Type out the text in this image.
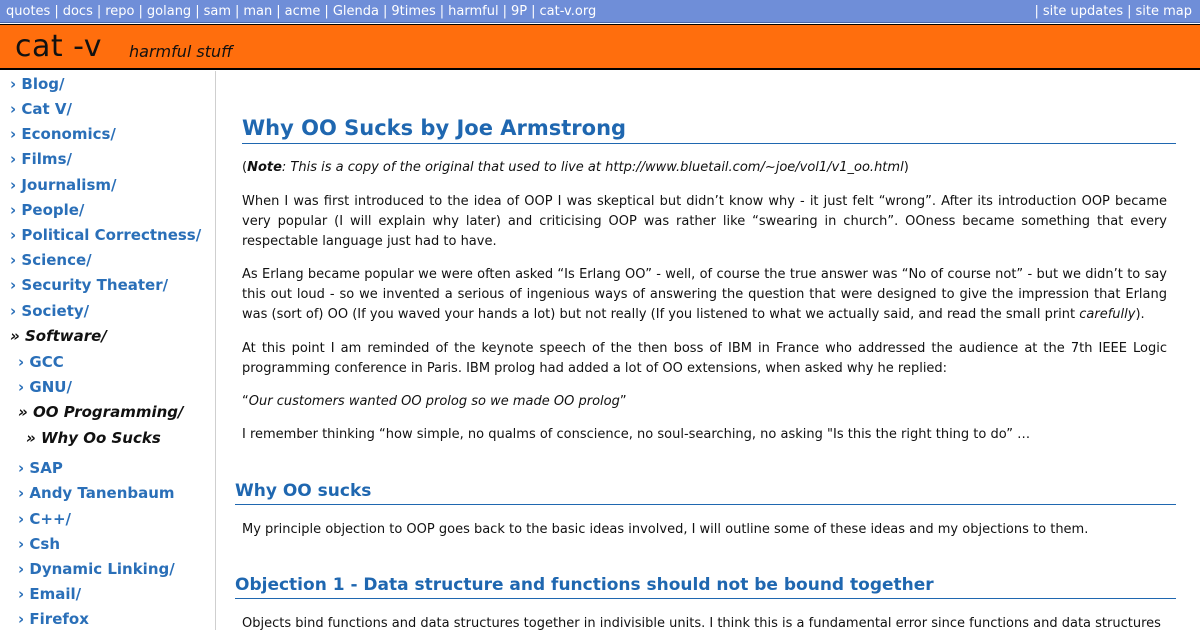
quotes | docs | repo | golang | sam | man | acme | Glenda | 9times | harmful | 9P | cat-v.org	| site updates | site map
cat -v harmful stuff
› Blog/
› Cat V/
› Economics/
› Films/
› Journalism/
› People/
› Political Correctness/
› Science/
› Security Theater/
› Society/
» Software/
› GCC
› GNU/
» OO Programming/
» Why Oo Sucks
› SAP
› Andy Tanenbaum
› C++/
› Csh
› Dynamic Linking/
› Email/
› Firefox
Why OO Sucks by Joe Armstrong

(Note: This is a copy of the original that used to live at http://www.bluetail.com/~joe/vol1/v1_oo.html)

When I was first introduced to the idea of OOP I was skeptical but didn’t know why - it just felt “wrong”. After its introduction OOP became very popular (I will explain why later) and criticising OOP was rather like “swearing in church”. OOness became something that every respectable language just had to have.

As Erlang became popular we were often asked “Is Erlang OO” - well, of course the true answer was “No of course not” - but we didn’t to say this out loud - so we invented a serious of ingenious ways of answering the question that were designed to give the impression that Erlang was (sort of) OO (If you waved your hands a lot) but not really (If you listened to what we actually said, and read the small print carefully).

At this point I am reminded of the keynote speech of the then boss of IBM in France who addressed the audience at the 7th IEEE Logic programming conference in Paris. IBM prolog had added a lot of OO extensions, when asked why he replied:

“Our customers wanted OO prolog so we made OO prolog”

I remember thinking “how simple, no qualms of conscience, no soul-searching, no asking "Is this the right thing to do” …

Why OO sucks

My principle objection to OOP goes back to the basic ideas involved, I will outline some of these ideas and my objections to them.

Objection 1 - Data structure and functions should not be bound together

Objects bind functions and data structures together in indivisible units. I think this is a fundamental error since functions and data structures
